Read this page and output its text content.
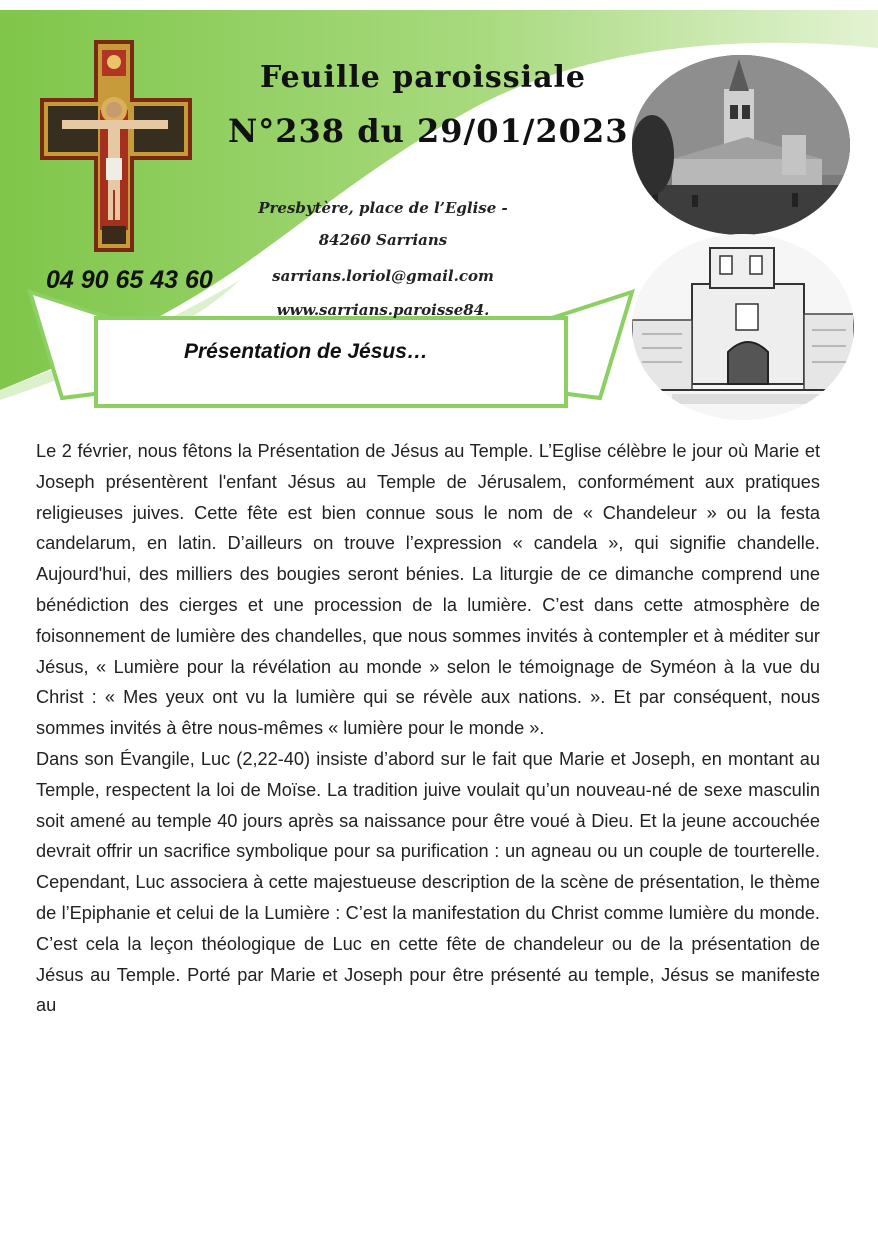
Feuille paroissiale
N°238 du 29/01/2023
Presbytère, place de l’Eglise -
84260 Sarrians
sarrians.loriol@gmail.com
www.sarrians.paroisse84.
04 90 65 43 60
Présentation de Jésus…

Le 2 février, nous fêtons la Présentation de Jésus au Temple. L’Eglise célèbre le jour où Marie et Joseph présentèrent l'enfant Jésus au Temple de Jérusalem, conformément aux pratiques religieuses juives. Cette fête est bien connue sous le nom de « Chandeleur » ou la festa candelarum, en latin. D’ailleurs on trouve l’expression « candela », qui signifie chandelle. Aujourd'hui, des milliers des bougies seront bénies. La liturgie de ce dimanche comprend une bénédiction des cierges et une procession de la lumière. C’est dans cette atmosphère de foisonnement de lumière des chandelles, que nous sommes invités à contempler et à méditer sur Jésus, « Lumière pour la révélation au monde » selon le témoignage de Syméon à la vue du Christ : « Mes yeux ont vu la lumière qui se révèle aux nations. ». Et par conséquent, nous sommes invités à être nous-mêmes « lumière pour le monde ».

Dans son Évangile, Luc (2,22-40) insiste d’abord sur le fait que Marie et Joseph, en montant au Temple, respectent la loi de Moïse. La tradition juive voulait qu’un nouveau-né de sexe masculin soit amené au temple 40 jours après sa naissance pour être voué à Dieu. Et la jeune accouchée devrait offrir un sacrifice symbolique pour sa purification : un agneau ou un couple de tourterelle. Cependant, Luc associera à cette majestueuse description de la scène de présentation, le thème de l’Epiphanie et celui de la Lumière : C’est la manifestation du Christ comme lumière du monde. C’est cela la leçon théologique de Luc en cette fête de chandeleur ou de la présentation de Jésus au Temple. Porté par Marie et Joseph pour être présenté au temple, Jésus se manifeste au
